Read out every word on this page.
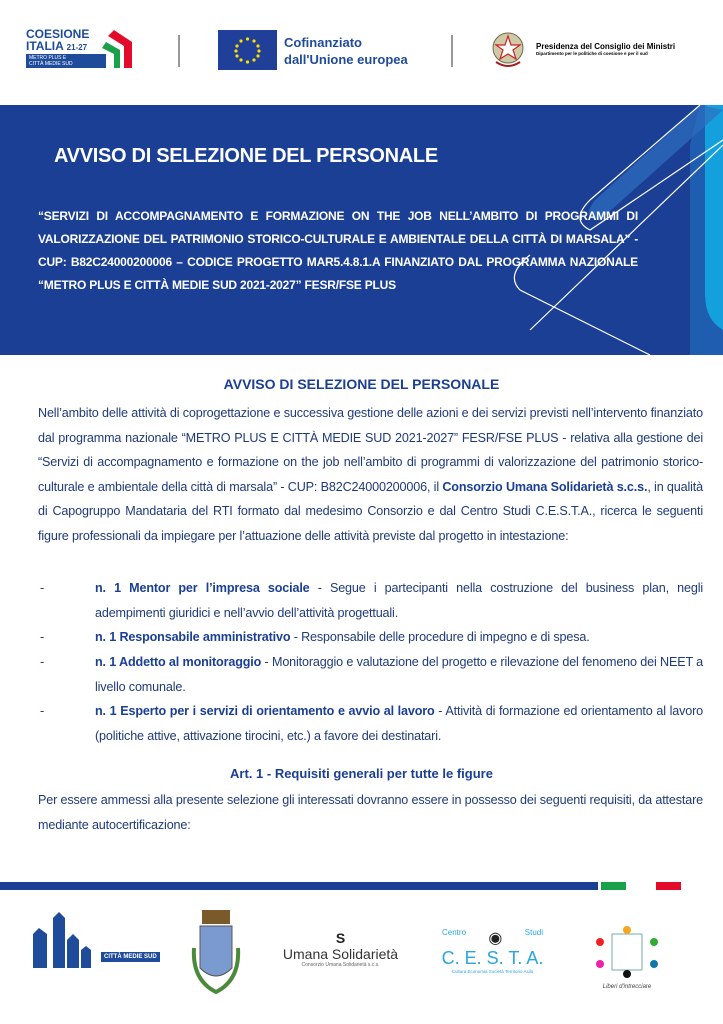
COESIONE
ITALIA 21-27
METRO PLUS E
CITTÀ MEDIE SUD
Cofinanziato
dall'Unione europea
Presidenza del Consiglio dei Ministri
Dipartimento per le politiche di coesione e per il sud
AVVISO DI SELEZIONE DEL PERSONALE
“SERVIZI DI ACCOMPAGNAMENTO E FORMAZIONE ON THE JOB NELL’AMBITO DI PROGRAMMI DI VALORIZZAZIONE DEL PATRIMONIO STORICO-CULTURALE E AMBIENTALE DELLA CITTÀ DI MARSALA” - CUP: B82C24000200006 – CODICE PROGETTO MAR5.4.8.1.A FINANZIATO DAL PROGRAMMA NAZIONALE “METRO PLUS E CITTÀ MEDIE SUD 2021-2027” FESR/FSE PLUS
AVVISO DI SELEZIONE DEL PERSONALE
Nell’ambito delle attività di coprogettazione e successiva gestione delle azioni e dei servizi previsti nell’intervento finanziato dal programma nazionale “METRO PLUS E CITTÀ MEDIE SUD 2021-2027” FESR/FSE PLUS - relativa alla gestione dei “Servizi di accompagnamento e formazione on the job nell’ambito di programmi di valorizzazione del patrimonio storico-culturale e ambientale della città di marsala” - CUP: B82C24000200006, il Consorzio Umana Solidarietà s.c.s., in qualità di Capogruppo Mandataria del RTI formato dal medesimo Consorzio e dal Centro Studi C.E.S.T.A., ricerca le seguenti figure professionali da impiegare per l’attuazione delle attività previste dal progetto in intestazione:
-	n. 1 Mentor per l’impresa sociale - Segue i partecipanti nella costruzione del business plan, negli adempimenti giuridici e nell’avvio dell’attività progettuali.
-	n. 1 Responsabile amministrativo - Responsabile delle procedure di impegno e di spesa.
-	n. 1 Addetto al monitoraggio - Monitoraggio e valutazione del progetto e rilevazione del fenomeno dei NEET a livello comunale.
-	n. 1 Esperto per i servizi di orientamento e avvio al lavoro - Attività di formazione ed orientamento al lavoro (politiche attive, attivazione tirocini, etc.) a favore dei destinatari.
Art. 1 - Requisiti generali per tutte le figure
Per essere ammessi alla presente selezione gli interessati dovranno essere in possesso dei seguenti requisiti, da attestare mediante autocertificazione:
CITTÀ MEDIE SUD
S
Umana Solidarietà
Consorzio Umana Solidarietà s.c.s.
Centro ◉	Studi
C. E. S. T. A.
Cultura Economia Società Territorio Asilo
Liberi d'intrecciare
